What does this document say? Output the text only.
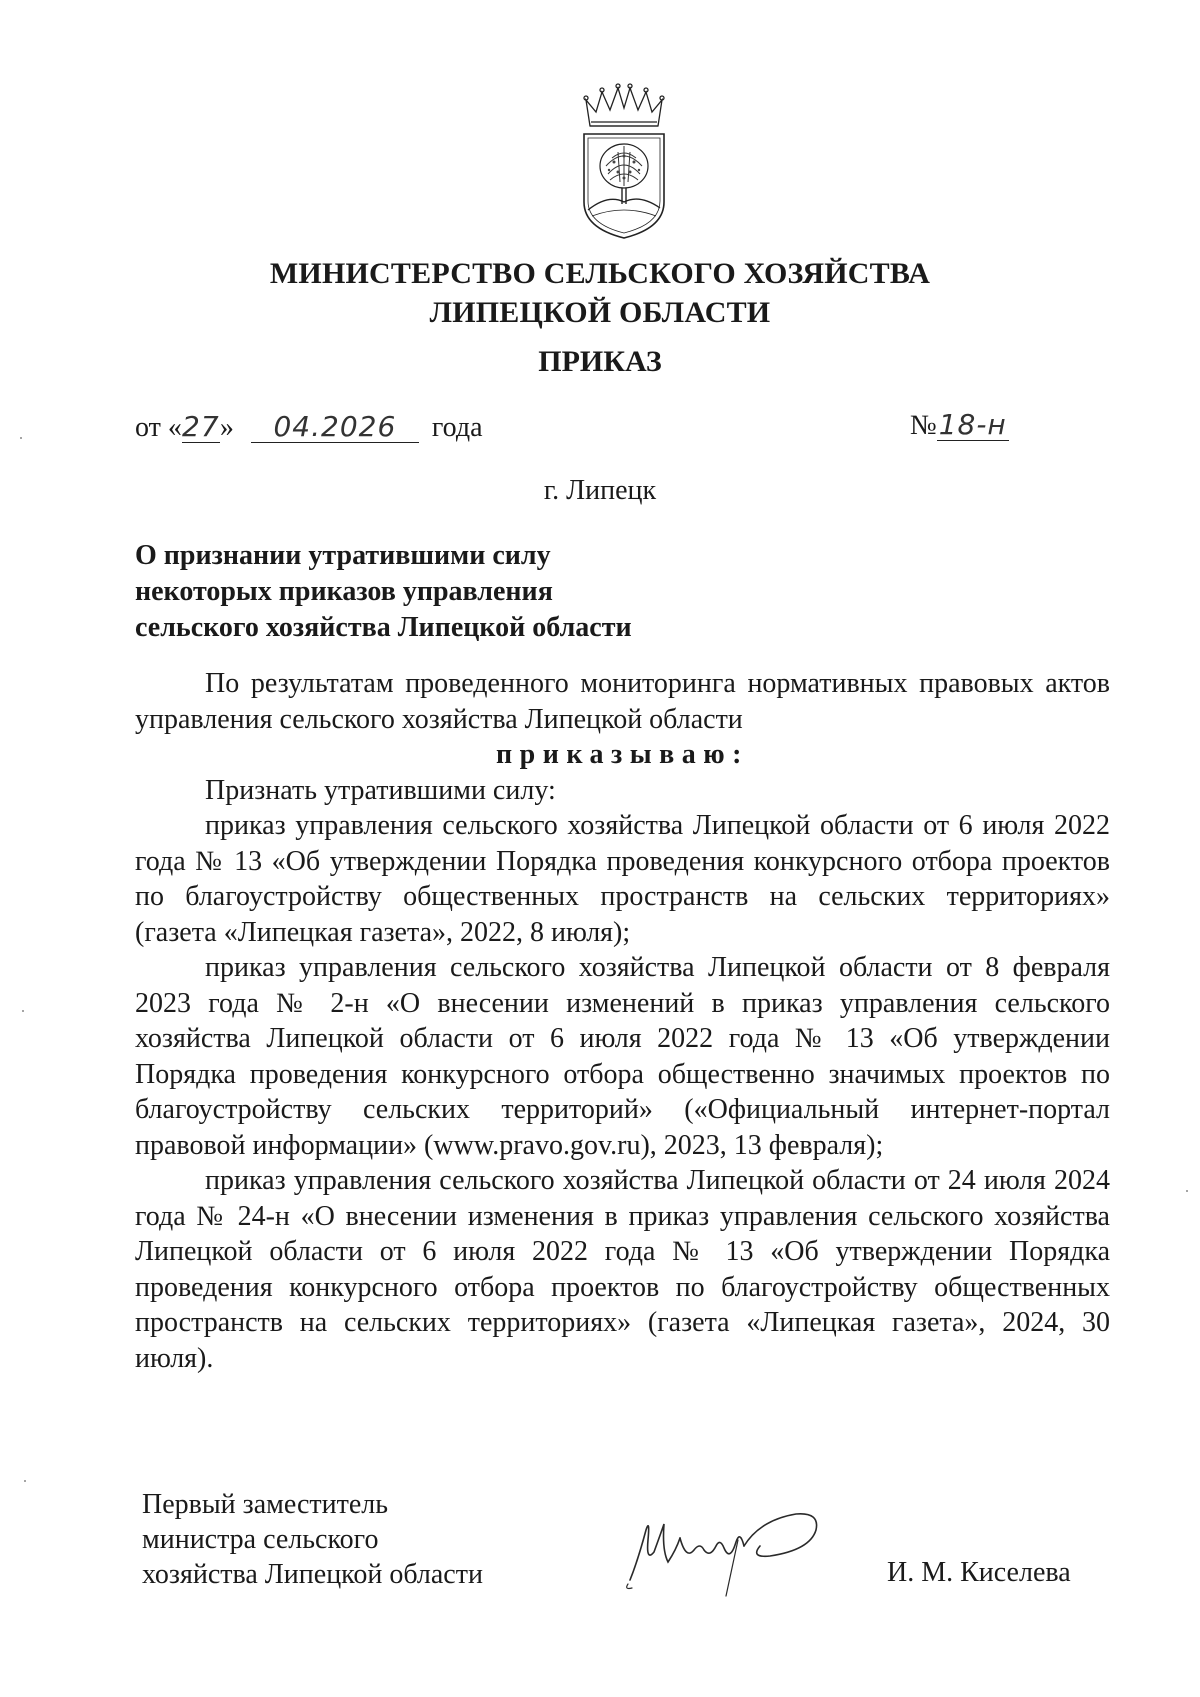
МИНИСТЕРСТВО СЕЛЬСКОГО ХОЗЯЙСТВА
ЛИПЕЦКОЙ ОБЛАСТИ
ПРИКАЗ
от «27» 04.2026 года	№18-н
г. Липецк
О признании утратившими силу
некоторых приказов управления
сельского хозяйства Липецкой области

По результатам проведенного мониторинга нормативных правовых актов управления сельского хозяйства Липецкой области

приказываю:

Признать утратившими силу:

приказ управления сельского хозяйства Липецкой области от 6 июля 2022 года № 13 «Об утверждении Порядка проведения конкурсного отбора проектов по благоустройству общественных пространств на сельских территориях» (газета «Липецкая газета», 2022, 8 июля);

приказ управления сельского хозяйства Липецкой области от 8 февраля 2023 года № 2-н «О внесении изменений в приказ управления сельского хозяйства Липецкой области от 6 июля 2022 года № 13 «Об утверждении Порядка проведения конкурсного отбора общественно значимых проектов по благоустройству сельских территорий» («Официальный интернет-портал правовой информации» (www.pravo.gov.ru), 2023, 13 февраля);

приказ управления сельского хозяйства Липецкой области от 24 июля 2024 года № 24-н «О внесении изменения в приказ управления сельского хозяйства Липецкой области от 6 июля 2022 года № 13 «Об утверждении Порядка проведения конкурсного отбора проектов по благоустройству общественных пространств на сельских территориях» (газета «Липецкая газета», 2024, 30 июля).

Первый заместитель
министра сельского
хозяйства Липецкой области	И. М. Киселева
